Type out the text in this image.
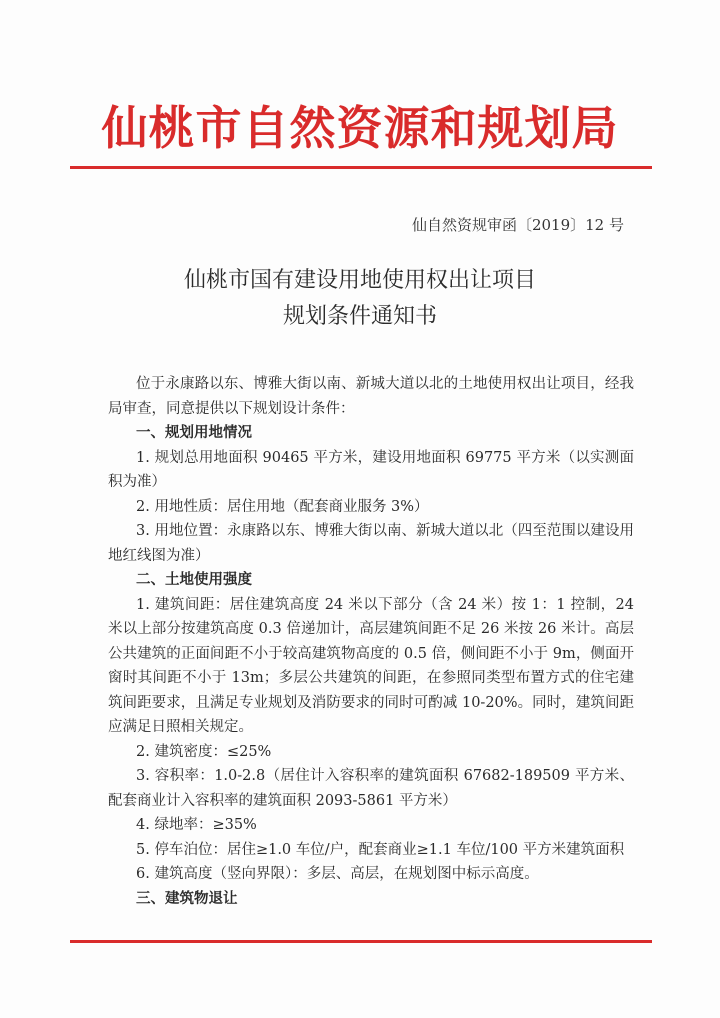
仙桃市自然资源和规划局
仙自然资规审函〔2019〕12 号
仙桃市国有建设用地使用权出让项目
规划条件通知书

位于永康路以东、博雅大街以南、新城大道以北的土地使用权出让项目，经我局审查，同意提供以下规划设计条件：

一、规划用地情况

1. 规划总用地面积 90465 平方米，建设用地面积 69775 平方米（以实测面积为准）

2. 用地性质：居住用地（配套商业服务 3%）

3. 用地位置：永康路以东、博雅大街以南、新城大道以北（四至范围以建设用地红线图为准）

二、土地使用强度

1. 建筑间距：居住建筑高度 24 米以下部分（含 24 米）按 1：1 控制，24 米以上部分按建筑高度 0.3 倍递加计，高层建筑间距不足 26 米按 26 米计。高层公共建筑的正面间距不小于较高建筑物高度的 0.5 倍，侧间距不小于 9m，侧面开窗时其间距不小于 13m；多层公共建筑的间距，在参照同类型布置方式的住宅建筑间距要求，且满足专业规划及消防要求的同时可酌减 10-20%。同时，建筑间距应满足日照相关规定。

2. 建筑密度：≤25%

3. 容积率：1.0-2.8（居住计入容积率的建筑面积 67682-189509 平方米、配套商业计入容积率的建筑面积 2093-5861 平方米）

4. 绿地率：≥35%

5. 停车泊位：居住≥1.0 车位/户，配套商业≥1.1 车位/100 平方米建筑面积

6. 建筑高度（竖向界限）：多层、高层，在规划图中标示高度。

三、建筑物退让
